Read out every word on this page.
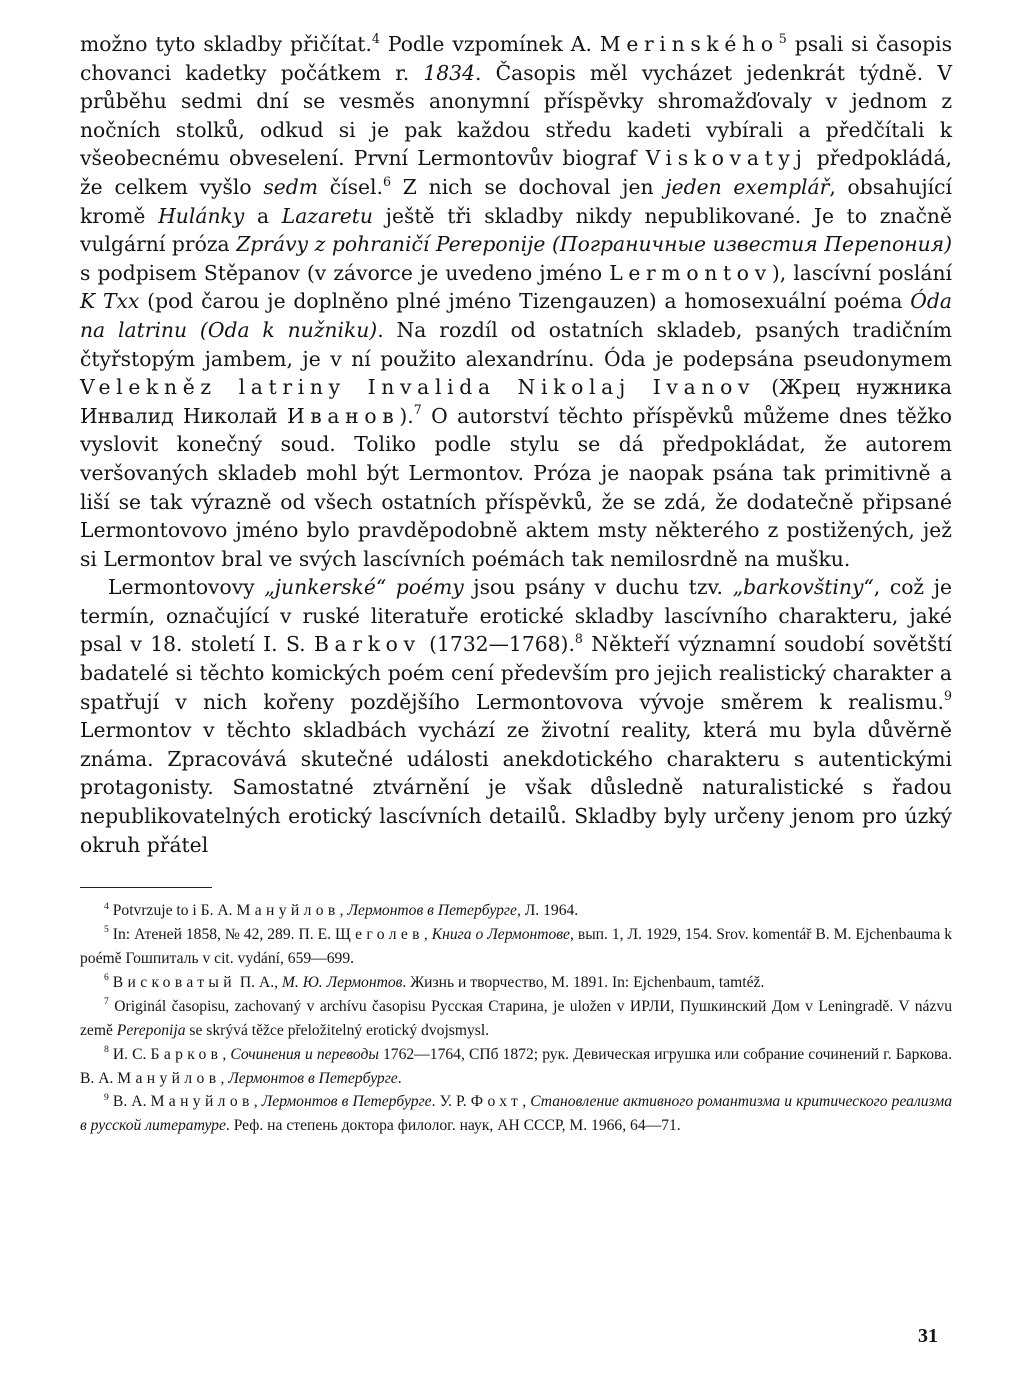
možno tyto skladby přičítat.$^4$ Podle vzpomínek A. Merinského$^5$ psali si časopis chovanci kadetky počátkem r. 1834. Časopis měl vycházet jedenkrát týdně. V průběhu sedmi dní se vesměs anonymní příspěvky shromažďovaly v jednom z nočních stolků, odkud si je pak každou středu kadeti vybírali a předčítali k všeobecnému obveselení. První Lermontovův biograf Viskovatyj předpokládá, že celkem vyšlo sedm čísel.$^6$ Z nich se dochoval jen jeden exemplář, obsahující kromě Hulánky a Lazaretu ještě tři skladby nikdy nepublikované. Je to značně vulgární próza Zprávy z pohraničí Pereponije (Пограничные известия Перепония) s podpisem Stěpanov (v závorce je uvedeno jméno Lermontov), lascívní poslání K Txx (pod čarou je doplněno plné jméno Tizengauzen) a homosexuální poéma Óda na latrinu (Oda k nužniku). Na rozdíl od ostatních skladeb, psaných tradičním čtyřstopým jambem, je v ní použito alexandrínu. Óda je podepsána pseudonymem Velekněz latriny Invalida Nikolaj Ivanov (Жрец нужника Инвалид Николай Иванов).$^7$ O autorství těchto příspěvků můžeme dnes těžko vyslovit konečný soud. Toliko podle stylu se dá předpokládat, že autorem veršovaných skladeb mohl být Lermontov. Próza je naopak psána tak primitivně a liší se tak výrazně od všech ostatních příspěvků, že se zdá, že dodatečně připsané Lermontovovo jméno bylo pravděpodobně aktem msty některého z postižených, jež si Lermontov bral ve svých lascívních poémách tak nemilosrdně na mušku.

Lermontovovy „junkerské“ poémy jsou psány v duchu tzv. „barkovštiny“, což je termín, označující v ruské literatuře erotické skladby lascívního charakteru, jaké psal v 18. století I. S. Barkov (1732—1768).$^8$ Někteří významní soudobí sovětští badatelé si těchto komických poém cení především pro jejich realistický charakter a spatřují v nich kořeny pozdějšího Lermontovova vývoje směrem k realismu.$^9$ Lermontov v těchto skladbách vychází ze životní reality, která mu byla důvěrně známa. Zpracovává skutečné události anekdotického charakteru s autentickými protagonisty. Samostatné ztvárnění je však důsledně naturalistické s řadou nepublikovatelných erotický lascívních detailů. Skladby byly určeny jenom pro úzký okruh přátel

$^4$ Potvrzuje to i Б. А. Мануйлов, Лермонтов в Петербурге, Л. 1964.

$^5$ In: Атеней 1858, № 42, 289. П. Е. Щеголев, Книга о Лермонтове, вып. 1, Л. 1929, 154. Srov. komentář B. M. Ejchenbauma k poémě Гошпиталь v cit. vydání, 659—699.

$^6$ Висковатый П. А., М. Ю. Лермонтов. Жизнь и творчество, М. 1891. In: Ejchenbaum, tamtéž.

$^7$ Originál časopisu, zachovaný v archívu časopisu Русская Старина, je uložen v ИРЛИ, Пушкинский Дом v Leningradě. V názvu země Pereponija se skrývá těžce přeložitelný erotický dvojsmysl.

$^8$ И. С. Барков, Сочинения и переводы 1762—1764, СПб 1872; рук. Девическая игрушка или собрание сочинений г. Баркова. В. А. Мануйлов, Лермонтов в Петербурге.

$^9$ В. А. Мануйлов, Лермонтов в Петербурге. У. Р. Фохт, Становление активного романтизма и критического реализма в русской литературе. Реф. на степень доктора филолог. наук, АН СССР, М. 1966, 64—71.

31
